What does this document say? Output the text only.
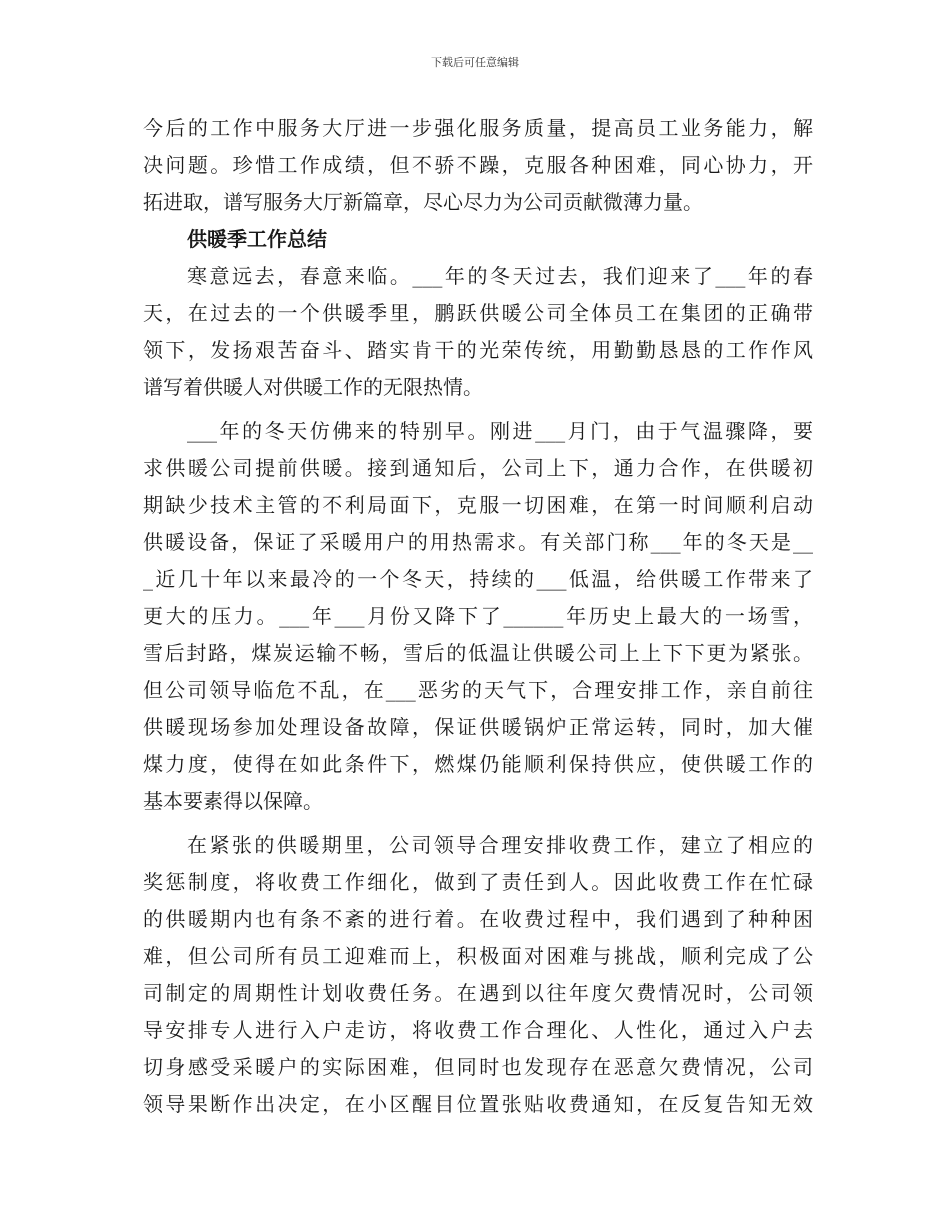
下载后可任意编辑
今后的工作中服务大厅进一步强化服务质量，提高员工业务能力，解
决问题。珍惜工作成绩，但不骄不躁，克服各种困难，同心协力，开
拓进取，谱写服务大厅新篇章，尽心尽力为公司贡献微薄力量。
供暖季工作总结
寒意远去，春意来临。___年的冬天过去，我们迎来了___年的春
天，在过去的一个供暖季里，鹏跃供暖公司全体员工在集团的正确带
领下，发扬艰苦奋斗、踏实肯干的光荣传统，用勤勤恳恳的工作作风
谱写着供暖人对供暖工作的无限热情。
___年的冬天仿佛来的特别早。刚进___月门，由于气温骤降，要
求供暖公司提前供暖。接到通知后，公司上下，通力合作，在供暖初
期缺少技术主管的不利局面下，克服一切困难，在第一时间顺利启动
供暖设备，保证了采暖用户的用热需求。有关部门称___年的冬天是__
_近几十年以来最冷的一个冬天，持续的___低温，给供暖工作带来了
更大的压力。___年___月份又降下了______年历史上最大的一场雪，
雪后封路，煤炭运输不畅，雪后的低温让供暖公司上上下下更为紧张。
但公司领导临危不乱，在___恶劣的天气下，合理安排工作，亲自前往
供暖现场参加处理设备故障，保证供暖锅炉正常运转，同时，加大催
煤力度，使得在如此条件下，燃煤仍能顺利保持供应，使供暖工作的
基本要素得以保障。
在紧张的供暖期里，公司领导合理安排收费工作，建立了相应的
奖惩制度，将收费工作细化，做到了责任到人。因此收费工作在忙碌
的供暖期内也有条不紊的进行着。在收费过程中，我们遇到了种种困
难，但公司所有员工迎难而上，积极面对困难与挑战，顺利完成了公
司制定的周期性计划收费任务。在遇到以往年度欠费情况时，公司领
导安排专人进行入户走访，将收费工作合理化、人性化，通过入户去
切身感受采暖户的实际困难，但同时也发现存在恶意欠费情况，公司
领导果断作出决定，在小区醒目位置张贴收费通知，在反复告知无效
